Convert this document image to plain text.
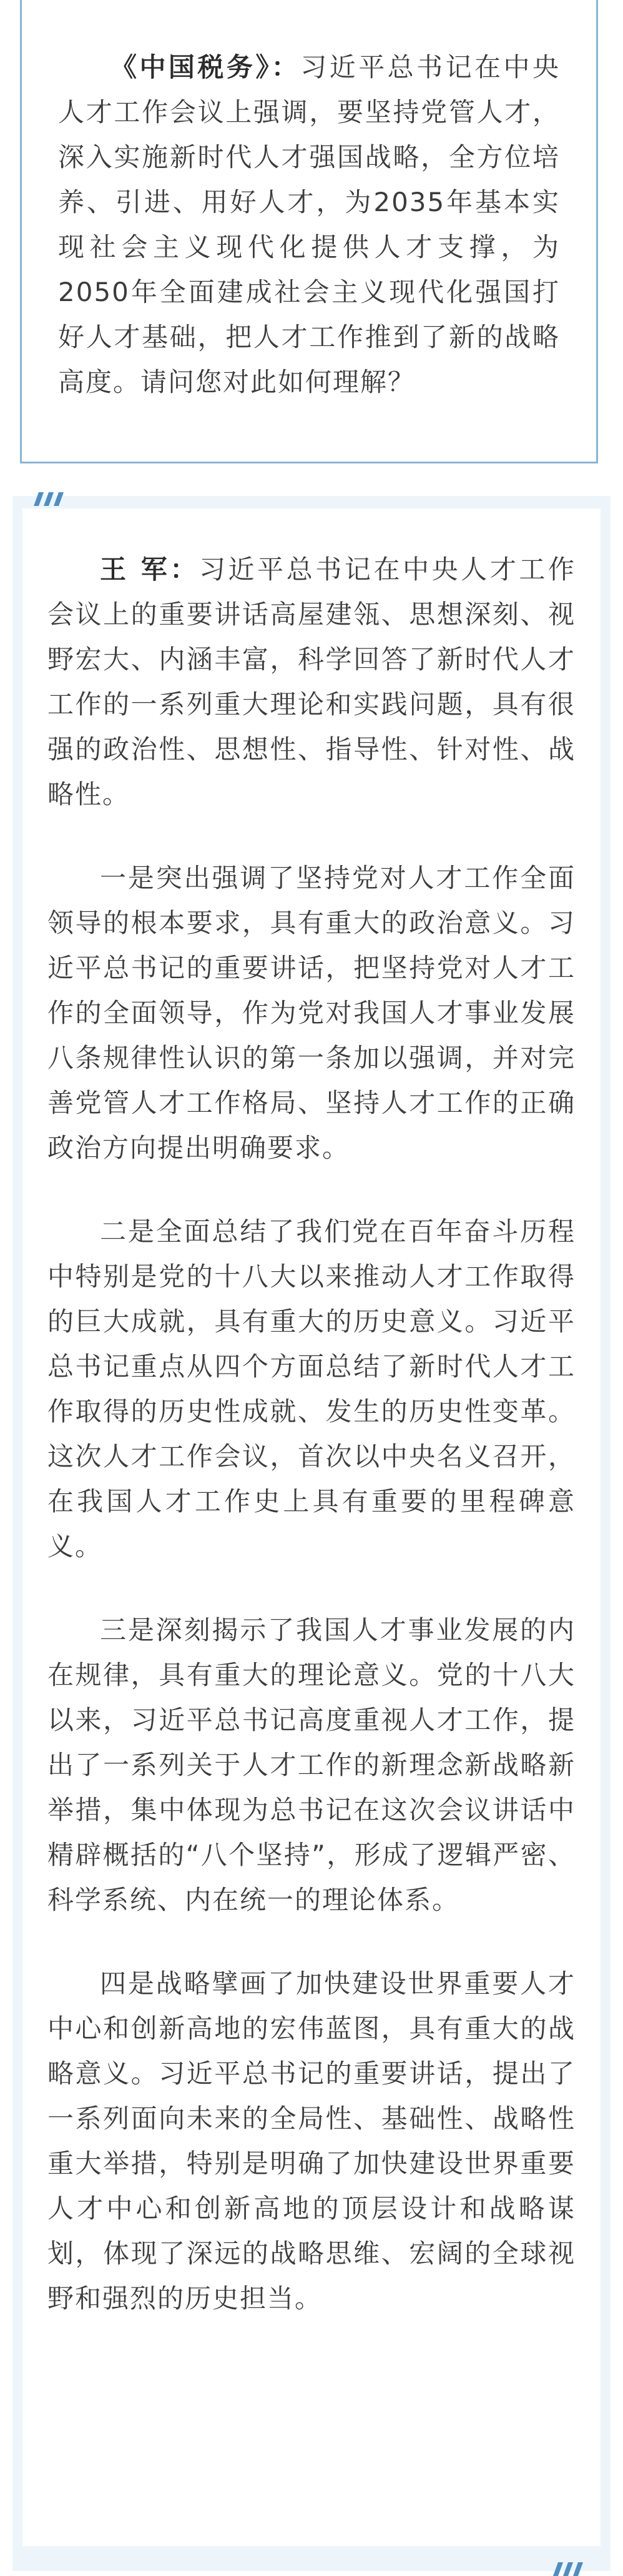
《中国税务》：习近平总书记在中央人才工作会议上强调，要坚持党管人才，深入实施新时代人才强国战略，全方位培养、引进、用好人才，为2035年基本实现社会主义现代化提供人才支撑，为2050年全面建成社会主义现代化强国打好人才基础，把人才工作推到了新的战略高度。请问您对此如何理解？

王 军：习近平总书记在中央人才工作会议上的重要讲话高屋建瓴、思想深刻、视野宏大、内涵丰富，科学回答了新时代人才工作的一系列重大理论和实践问题，具有很强的政治性、思想性、指导性、针对性、战略性。

一是突出强调了坚持党对人才工作全面领导的根本要求，具有重大的政治意义。习近平总书记的重要讲话，把坚持党对人才工作的全面领导，作为党对我国人才事业发展八条规律性认识的第一条加以强调，并对完善党管人才工作格局、坚持人才工作的正确政治方向提出明确要求。

二是全面总结了我们党在百年奋斗历程中特别是党的十八大以来推动人才工作取得的巨大成就，具有重大的历史意义。习近平总书记重点从四个方面总结了新时代人才工作取得的历史性成就、发生的历史性变革。这次人才工作会议，首次以中央名义召开，在我国人才工作史上具有重要的里程碑意义。

三是深刻揭示了我国人才事业发展的内在规律，具有重大的理论意义。党的十八大以来，习近平总书记高度重视人才工作，提出了一系列关于人才工作的新理念新战略新举措，集中体现为总书记在这次会议讲话中精辟概括的“八个坚持”，形成了逻辑严密、科学系统、内在统一的理论体系。

四是战略擘画了加快建设世界重要人才中心和创新高地的宏伟蓝图，具有重大的战略意义。习近平总书记的重要讲话，提出了一系列面向未来的全局性、基础性、战略性重大举措，特别是明确了加快建设世界重要人才中心和创新高地的顶层设计和战略谋划，体现了深远的战略思维、宏阔的全球视野和强烈的历史担当。
